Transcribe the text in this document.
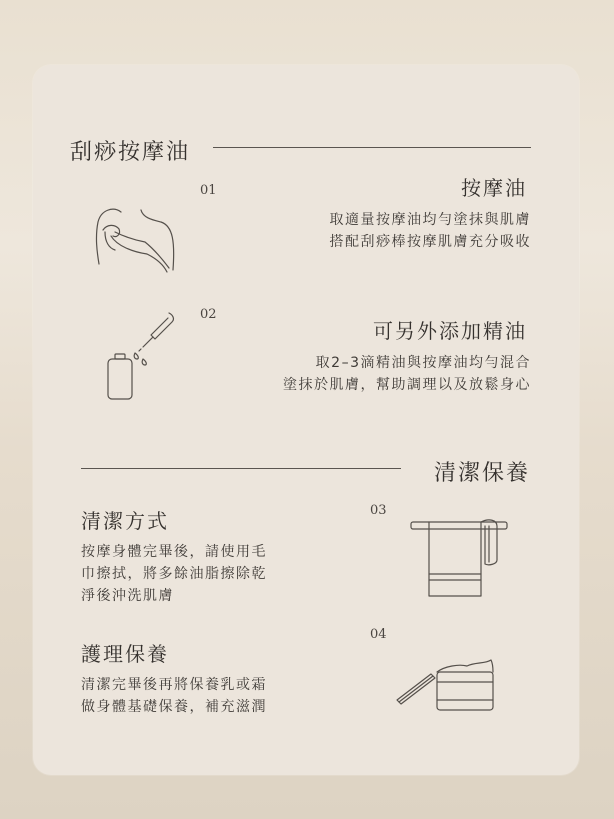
刮痧按摩油
01	按摩油
取適量按摩油均勻塗抹與肌膚
搭配刮痧棒按摩肌膚充分吸收
02
可另外添加精油
取2–3滴精油與按摩油均勻混合
塗抹於肌膚，幫助調理以及放鬆身心
清潔保養
清潔方式
按摩身體完畢後，請使用毛
巾擦拭，將多餘油脂擦除乾
淨後沖洗肌膚
03
護理保養
清潔完畢後再將保養乳或霜
做身體基礎保養，補充滋潤
04
